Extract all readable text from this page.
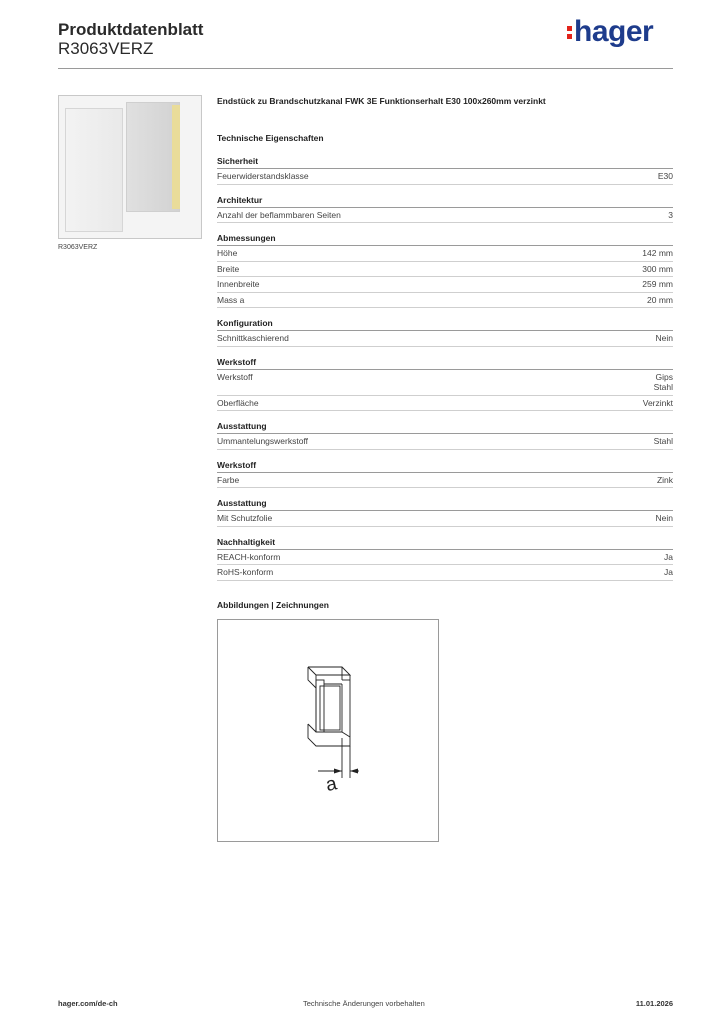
Produktdatenblatt
R3063VERZ
hager
R3063VERZ
Endstück zu Brandschutzkanal FWK 3E Funktionserhalt E30 100x260mm verzinkt
Technische Eigenschaften
Sicherheit
Feuerwiderstandsklasse	E30
Architektur
Anzahl der beflammbaren Seiten	3
Abmessungen
Höhe	142 mm
Breite	300 mm
Innenbreite	259 mm
Mass a	20 mm
Konfiguration
Schnittkaschierend	Nein
Werkstoff
Werkstoff	Gips
Stahl
Oberfläche	Verzinkt
Ausstattung
Ummantelungswerkstoff	Stahl
Werkstoff
Farbe	Zink
Ausstattung
Mit Schutzfolie	Nein
Nachhaltigkeit
REACH-konform	Ja
RoHS-konform	Ja
Abbildungen | Zeichnungen
a
hager.com/de-ch	Technische Änderungen vorbehalten	11.01.2026
